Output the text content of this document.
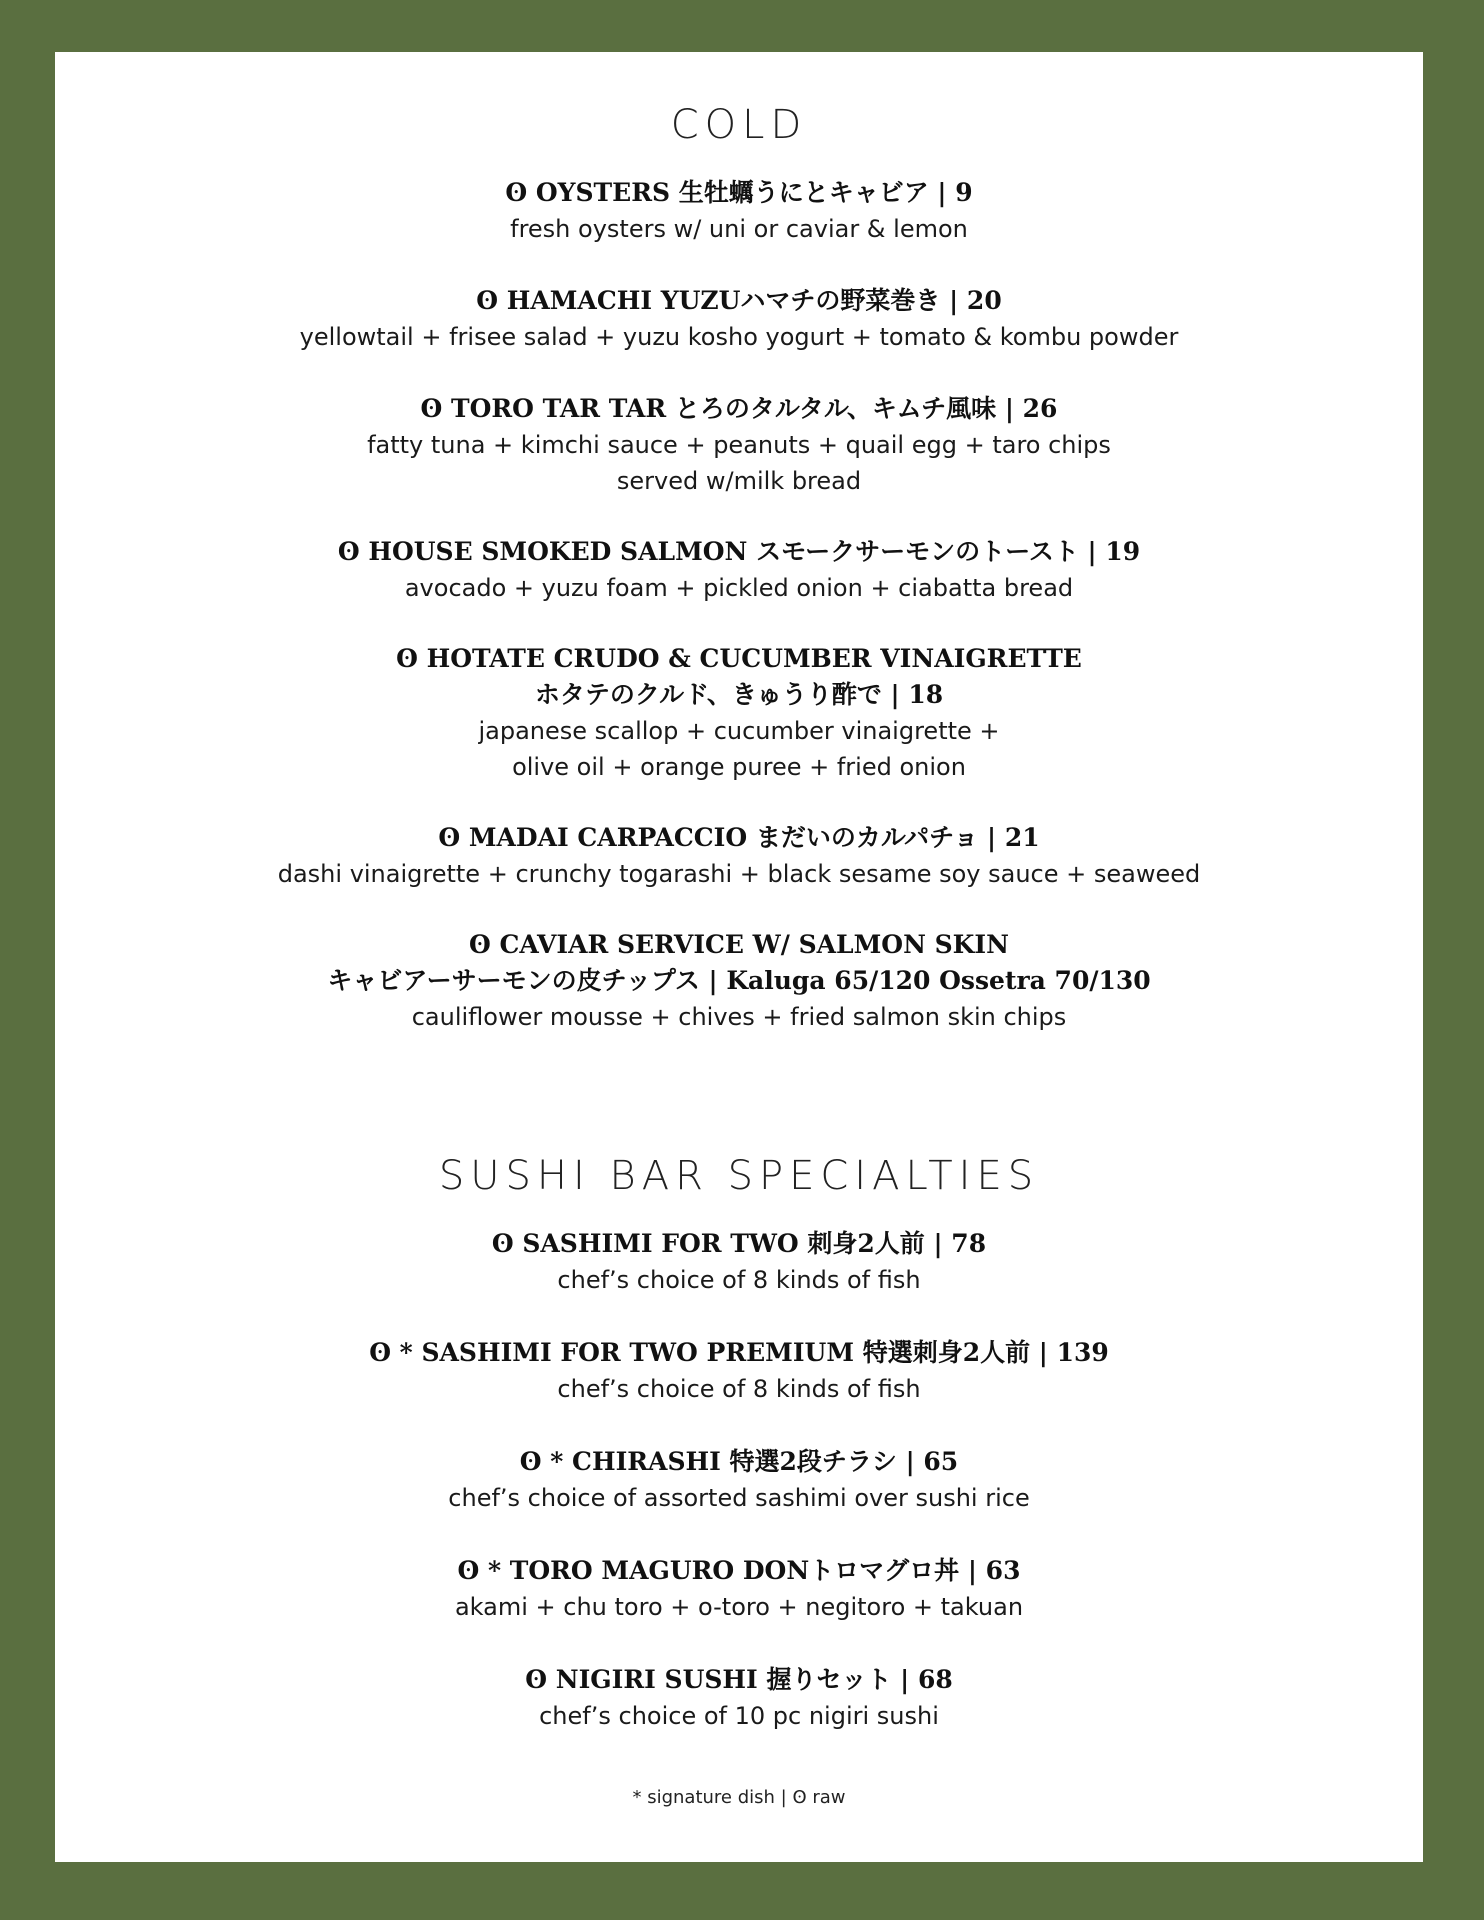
COLD
ʘ OYSTERS 生牡蠣うにとキャビア | 9
fresh oysters w/ uni or caviar & lemon
ʘ HAMACHI YUZUハマチの野菜巻き | 20
yellowtail + frisee salad + yuzu kosho yogurt + tomato & kombu powder
ʘ TORO TAR TAR とろのタルタル、キムチ風味 | 26
fatty tuna + kimchi sauce + peanuts + quail egg + taro chips
served w/milk bread
ʘ HOUSE SMOKED SALMON スモークサーモンのトースト | 19
avocado + yuzu foam + pickled onion + ciabatta bread
ʘ HOTATE CRUDO & CUCUMBER VINAIGRETTE
ホタテのクルド、きゅうり酢で | 18
japanese scallop + cucumber vinaigrette +
olive oil + orange puree + fried onion
ʘ MADAI CARPACCIO まだいのカルパチョ | 21
dashi vinaigrette + crunchy togarashi + black sesame soy sauce + seaweed
ʘ CAVIAR SERVICE W/ SALMON SKIN
キャビアーサーモンの皮チップス | Kaluga 65/120 Ossetra 70/130
cauliflower mousse + chives + fried salmon skin chips
SUSHI BAR SPECIALTIES
ʘ SASHIMI FOR TWO 刺身2人前 | 78
chef’s choice of 8 kinds of fish
ʘ * SASHIMI FOR TWO PREMIUM 特選刺身2人前 | 139
chef’s choice of 8 kinds of fish
ʘ * CHIRASHI 特選2段チラシ | 65
chef’s choice of assorted sashimi over sushi rice
ʘ * TORO MAGURO DONトロマグロ丼 | 63
akami + chu toro + o-toro + negitoro + takuan
ʘ NIGIRI SUSHI 握りセット | 68
chef’s choice of 10 pc nigiri sushi
* signature dish | ʘ raw
